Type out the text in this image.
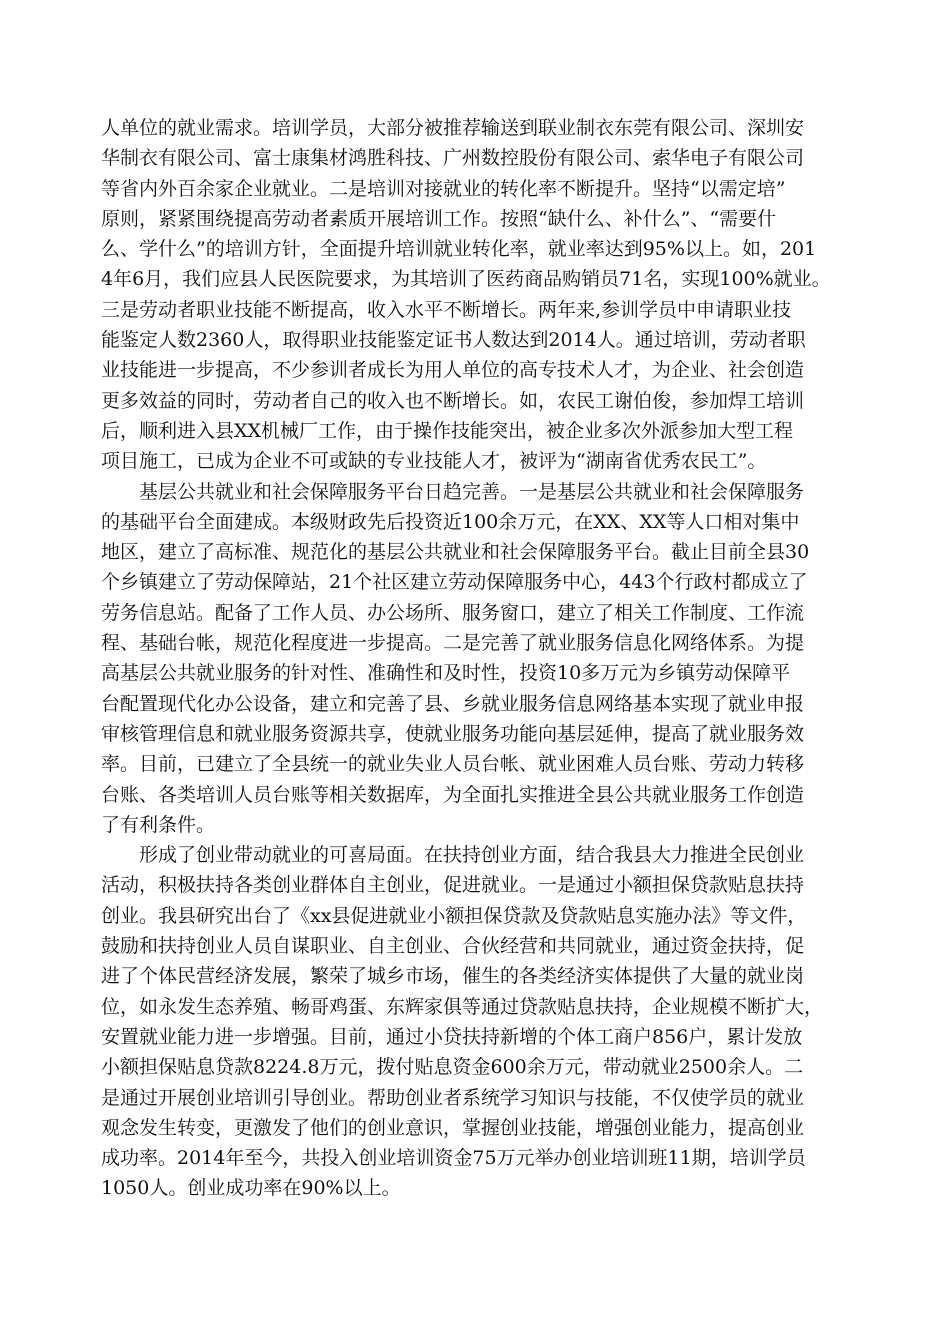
人单位的就业需求。培训学员，大部分被推荐输送到联业制衣东莞有限公司、深圳安
华制衣有限公司、富士康集材鸿胜科技、广州数控股份有限公司、索华电子有限公司
等省内外百余家企业就业。二是培训对接就业的转化率不断提升。坚持“以需定培”
原则，紧紧围绕提高劳动者素质开展培训工作。按照“缺什么、补什么”、“需要什
么、学什么”的培训方针，全面提升培训就业转化率，就业率达到95%以上。如，201
4年6月，我们应县人民医院要求，为其培训了医药商品购销员71名，实现100%就业。
三是劳动者职业技能不断提高，收入水平不断增长。两年来,参训学员中申请职业技
能鉴定人数2360人，取得职业技能鉴定证书人数达到2014人。通过培训，劳动者职
业技能进一步提高，不少参训者成长为用人单位的高专技术人才，为企业、社会创造
更多效益的同时，劳动者自己的收入也不断增长。如，农民工谢伯俊，参加焊工培训
后，顺利进入县XX机械厂工作，由于操作技能突出，被企业多次外派参加大型工程
项目施工，已成为企业不可或缺的专业技能人才，被评为“湖南省优秀农民工”。
　　基层公共就业和社会保障服务平台日趋完善。一是基层公共就业和社会保障服务
的基础平台全面建成。本级财政先后投资近100余万元，在XX、XX等人口相对集中
地区，建立了高标准、规范化的基层公共就业和社会保障服务平台。截止目前全县30
个乡镇建立了劳动保障站，21个社区建立劳动保障服务中心，443个行政村都成立了
劳务信息站。配备了工作人员、办公场所、服务窗口，建立了相关工作制度、工作流
程、基础台帐，规范化程度进一步提高。二是完善了就业服务信息化网络体系。为提
高基层公共就业服务的针对性、准确性和及时性，投资10多万元为乡镇劳动保障平
台配置现代化办公设备，建立和完善了县、乡就业服务信息网络基本实现了就业申报
审核管理信息和就业服务资源共享，使就业服务功能向基层延伸，提高了就业服务效
率。目前，已建立了全县统一的就业失业人员台帐、就业困难人员台账、劳动力转移
台账、各类培训人员台账等相关数据库，为全面扎实推进全县公共就业服务工作创造
了有利条件。
　　形成了创业带动就业的可喜局面。在扶持创业方面，结合我县大力推进全民创业
活动，积极扶持各类创业群体自主创业，促进就业。一是通过小额担保贷款贴息扶持
创业。我县研究出台了《xx县促进就业小额担保贷款及贷款贴息实施办法》等文件，
鼓励和扶持创业人员自谋职业、自主创业、合伙经营和共同就业，通过资金扶持，促
进了个体民营经济发展，繁荣了城乡市场，催生的各类经济实体提供了大量的就业岗
位，如永发生态养殖、畅哥鸡蛋、东辉家俱等通过贷款贴息扶持，企业规模不断扩大，
安置就业能力进一步增强。目前，通过小贷扶持新增的个体工商户856户，累计发放
小额担保贴息贷款8224.8万元，拨付贴息资金600余万元，带动就业2500余人。二
是通过开展创业培训引导创业。帮助创业者系统学习知识与技能，不仅使学员的就业
观念发生转变，更激发了他们的创业意识，掌握创业技能，增强创业能力，提高创业
成功率。2014年至今，共投入创业培训资金75万元举办创业培训班11期，培训学员
1050人。创业成功率在90%以上。
